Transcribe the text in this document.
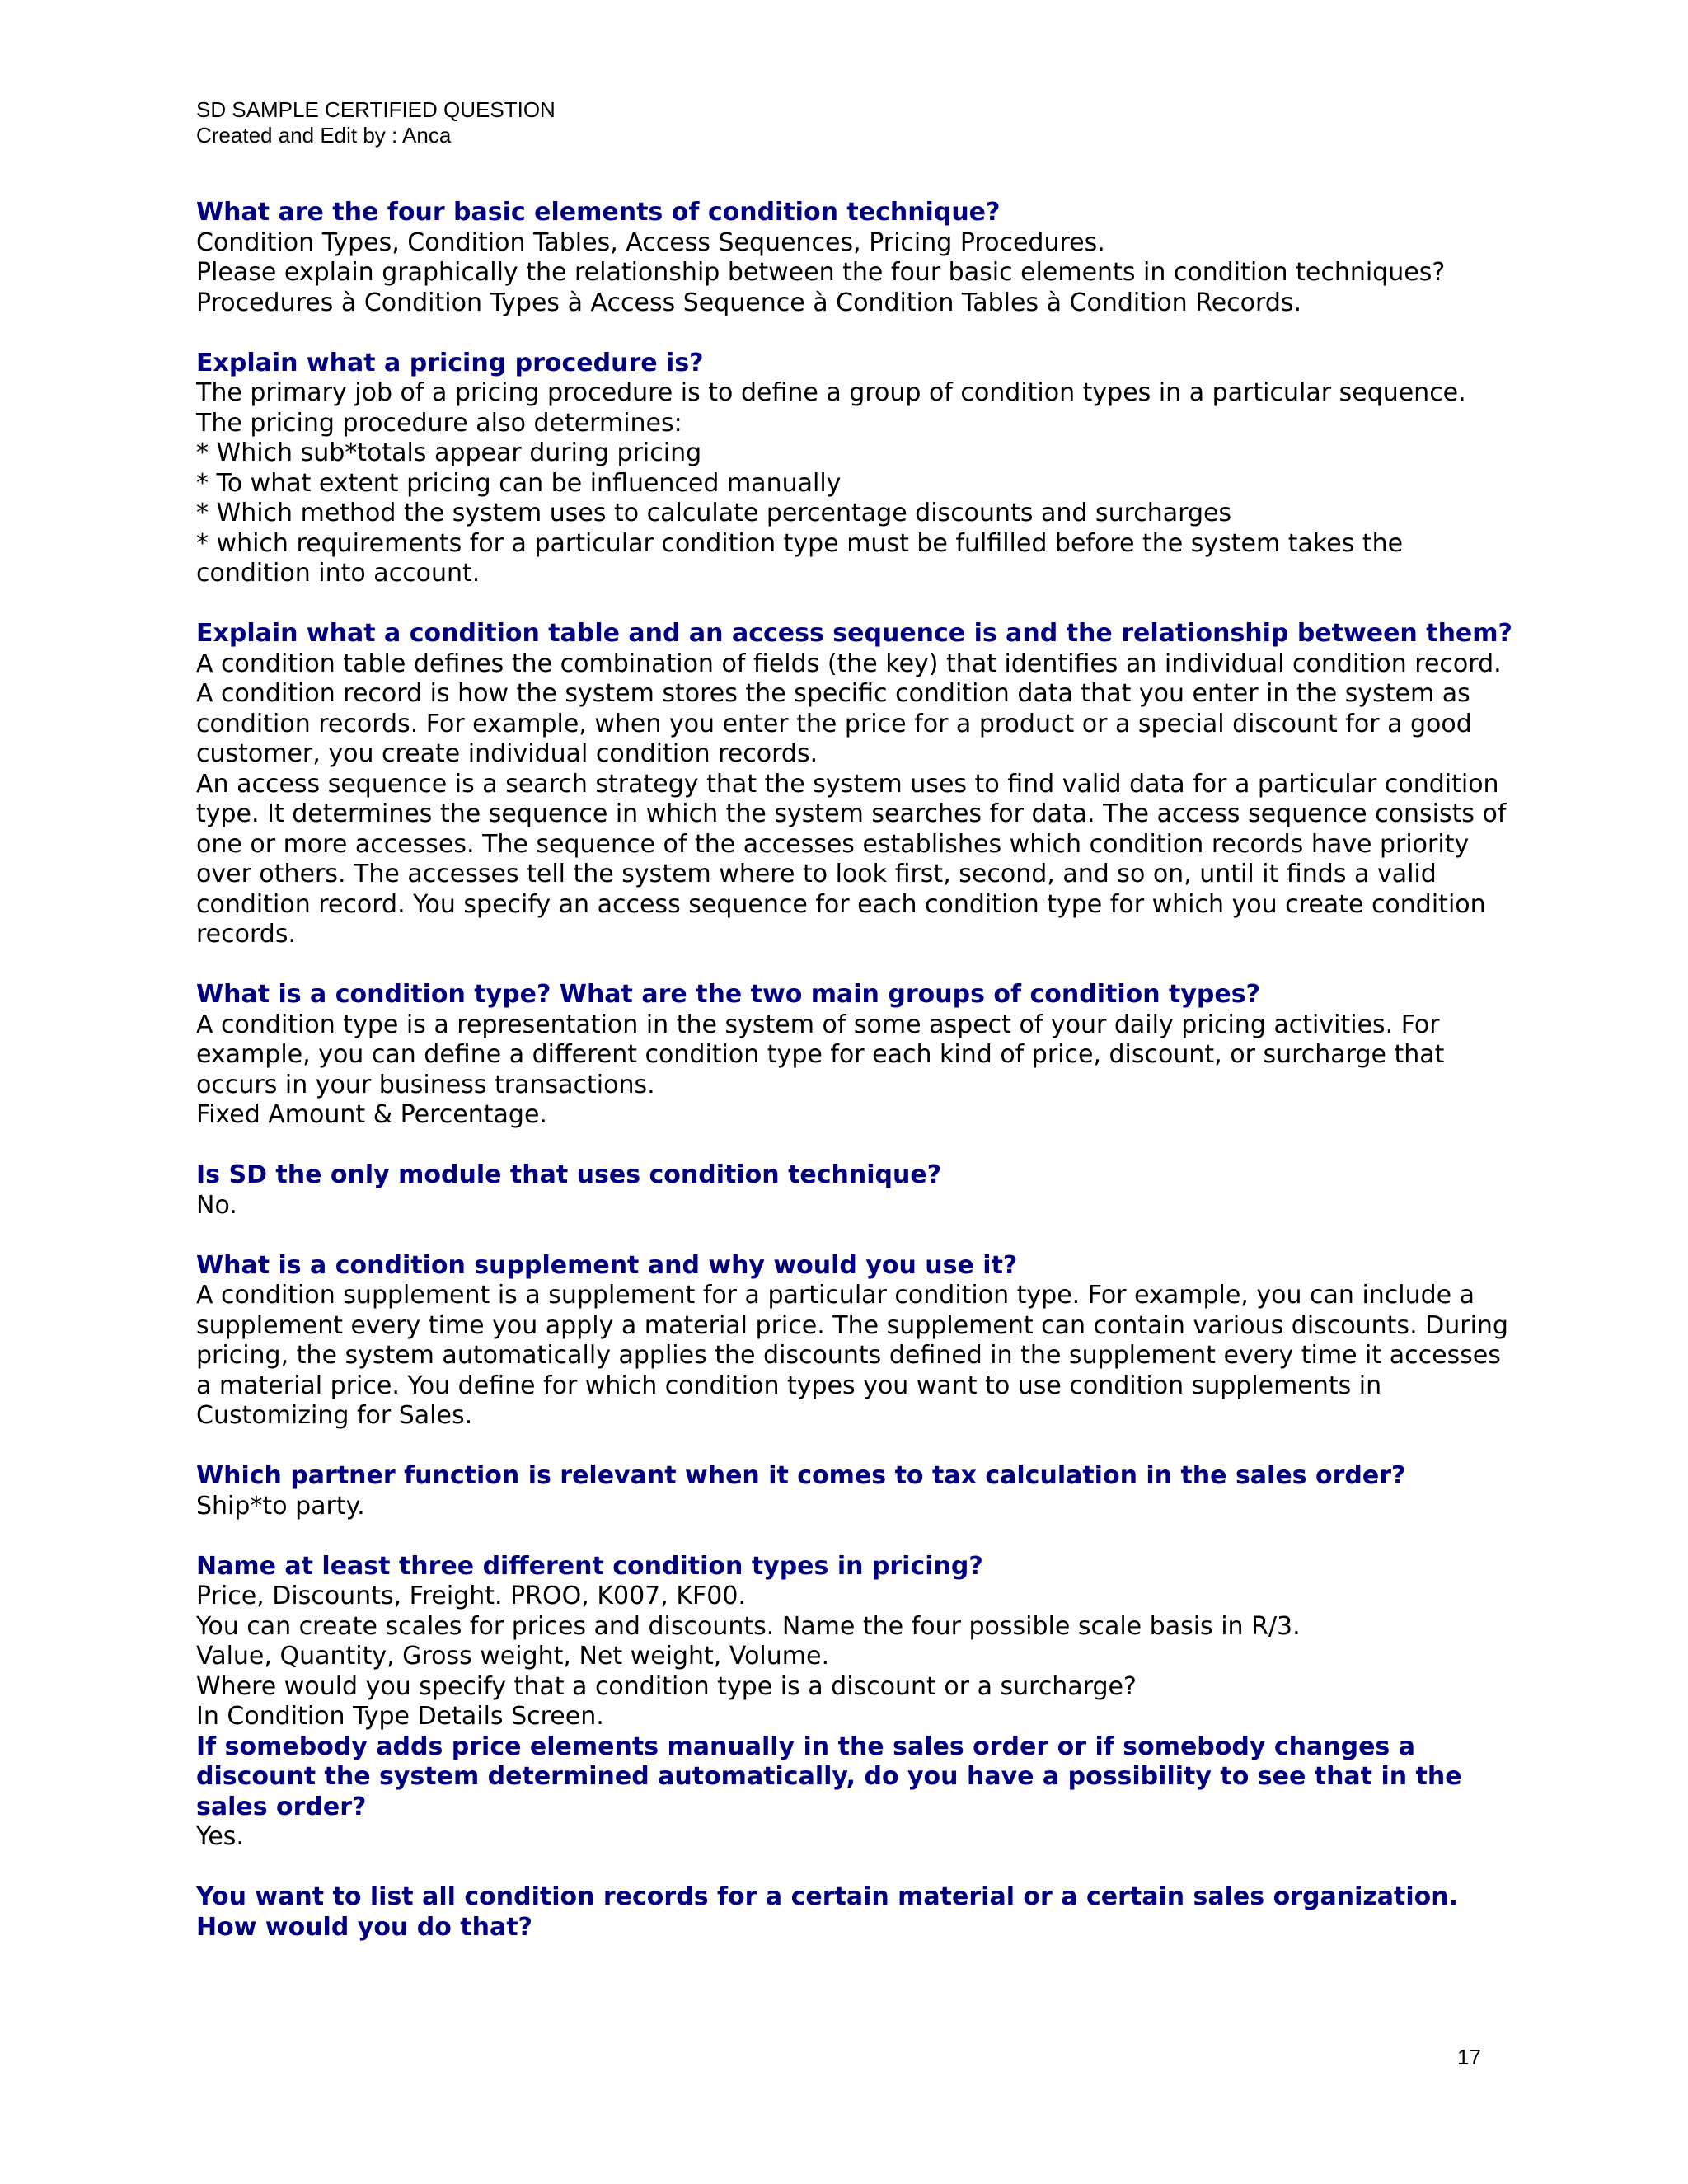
SD SAMPLE CERTIFIED QUESTION
Created and Edit by : Anca

What are the four basic elements of condition technique?

Condition Types, Condition Tables, Access Sequences, Pricing Procedures.

Please explain graphically the relationship between the four basic elements in condition techniques?

Procedures à Condition Types à Access Sequence à Condition Tables à Condition Records.

Explain what a pricing procedure is?

The primary job of a pricing procedure is to define a group of condition types in a particular sequence.

The pricing procedure also determines:

* Which sub*totals appear during pricing

* To what extent pricing can be influenced manually

* Which method the system uses to calculate percentage discounts and surcharges

* which requirements for a particular condition type must be fulfilled before the system takes the condition into account.

Explain what a condition table and an access sequence is and the relationship between them?

A condition table defines the combination of fields (the key) that identifies an individual condition record. A condition record is how the system stores the specific condition data that you enter in the system as condition records. For example, when you enter the price for a product or a special discount for a good customer, you create individual condition records.

An access sequence is a search strategy that the system uses to find valid data for a particular condition type. It determines the sequence in which the system searches for data. The access sequence consists of one or more accesses. The sequence of the accesses establishes which condition records have priority over others. The accesses tell the system where to look first, second, and so on, until it finds a valid condition record. You specify an access sequence for each condition type for which you create condition records.

What is a condition type? What are the two main groups of condition types?

A condition type is a representation in the system of some aspect of your daily pricing activities. For example, you can define a different condition type for each kind of price, discount, or surcharge that occurs in your business transactions.

Fixed Amount & Percentage.

Is SD the only module that uses condition technique?

No.

What is a condition supplement and why would you use it?

A condition supplement is a supplement for a particular condition type. For example, you can include a supplement every time you apply a material price. The supplement can contain various discounts. During pricing, the system automatically applies the discounts defined in the supplement every time it accesses a material price. You define for which condition types you want to use condition supplements in Customizing for Sales.

Which partner function is relevant when it comes to tax calculation in the sales order?

Ship*to party.

Name at least three different condition types in pricing?

Price, Discounts, Freight. PROO, K007, KF00.

You can create scales for prices and discounts. Name the four possible scale basis in R/3.

Value, Quantity, Gross weight, Net weight, Volume.

Where would you specify that a condition type is a discount or a surcharge?

In Condition Type Details Screen.

If somebody adds price elements manually in the sales order or if somebody changes a discount the system determined automatically, do you have a possibility to see that in the sales order?

Yes.

You want to list all condition records for a certain material or a certain sales organization. How would you do that?

17
